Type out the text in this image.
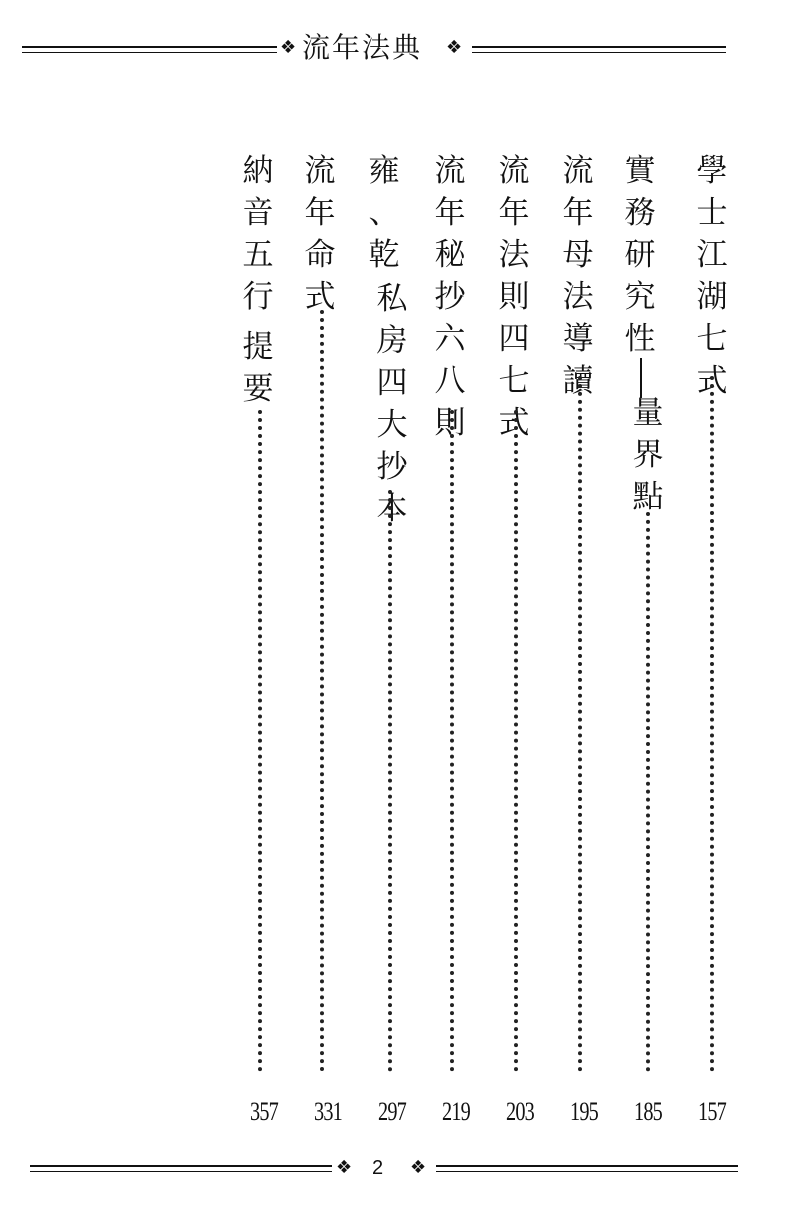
❖ 流年法典 ❖
學
士
江
湖
七
式
157
實
務
研
究
性
量
界
點
185
流
年
母
法
導
讀
195
流
年
法
則
四
七
式
203
流
年
秘
抄
六
八
則
219
雍
、
乾
私
房
四
大
抄
本
297
流
年
命
式
331
納
音
五
行
提
要
357
❖ 2 ❖
